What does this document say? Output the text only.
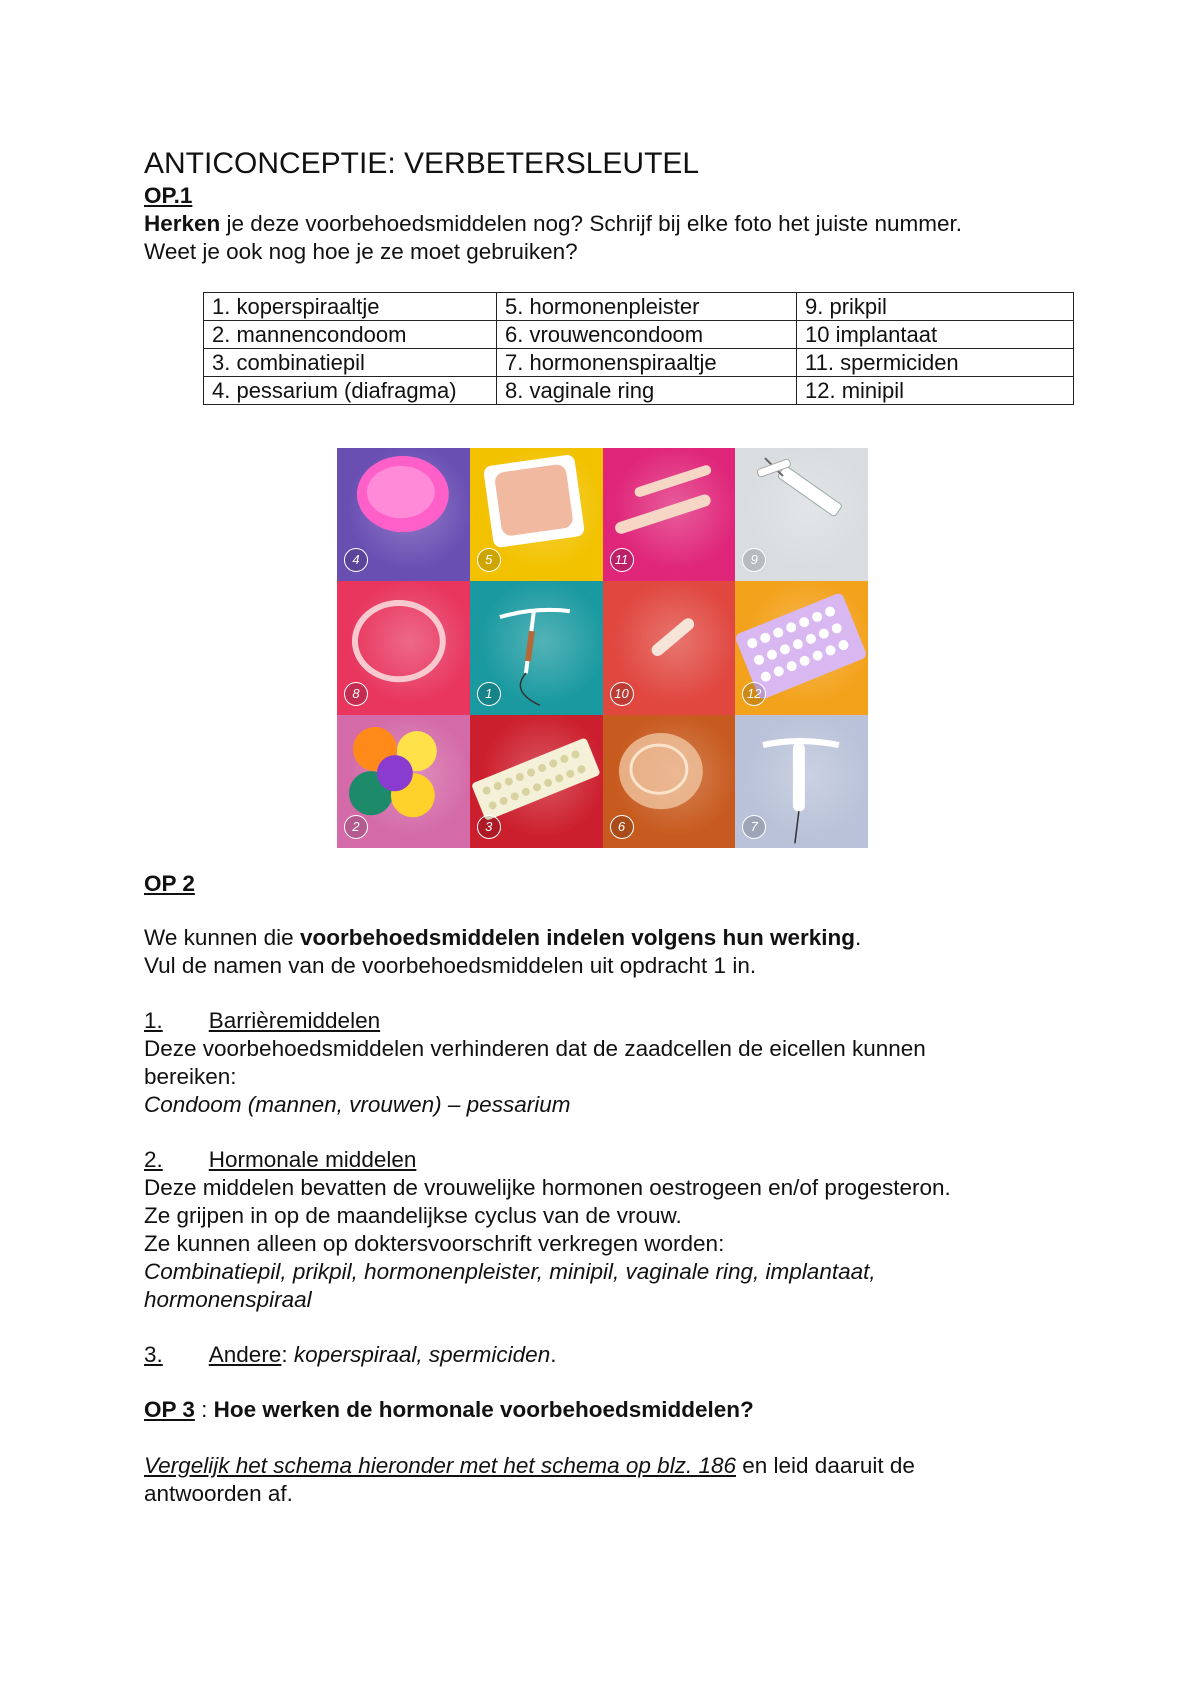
ANTICONCEPTIE: VERBETERSLEUTEL
OP.1
Herken je deze voorbehoedsmiddelen nog? Schrijf bij elke foto het juiste nummer.
Weet je ook nog hoe je ze moet gebruiken?
1. koperspiraaltje	5. hormonenpleister	9. prikpil
2. mannencondoom	6. vrouwencondoom	10 implantaat
3. combinatiepil	7. hormonenspiraaltje	11. spermiciden
4. pessarium (diafragma)	8. vaginale ring	12. minipil
4	5	11	9
8	1	10	12
2	3	6	7
OP 2
We kunnen die voorbehoedsmiddelen indelen volgens hun werking.
Vul de namen van de voorbehoedsmiddelen uit opdracht 1 in.
1. Barrièremiddelen
Deze voorbehoedsmiddelen verhinderen dat de zaadcellen de eicellen kunnen
bereiken:
Condoom (mannen, vrouwen) – pessarium
2. Hormonale middelen
Deze middelen bevatten de vrouwelijke hormonen oestrogeen en/of progesteron.
Ze grijpen in op de maandelijkse cyclus van de vrouw.
Ze kunnen alleen op doktersvoorschrift verkregen worden:
Combinatiepil, prikpil, hormonenpleister, minipil, vaginale ring, implantaat,
hormonenspiraal
3. Andere: koperspiraal, spermiciden.
OP 3 : Hoe werken de hormonale voorbehoedsmiddelen?
Vergelijk het schema hieronder met het schema op blz. 186 en leid daaruit de
antwoorden af.
